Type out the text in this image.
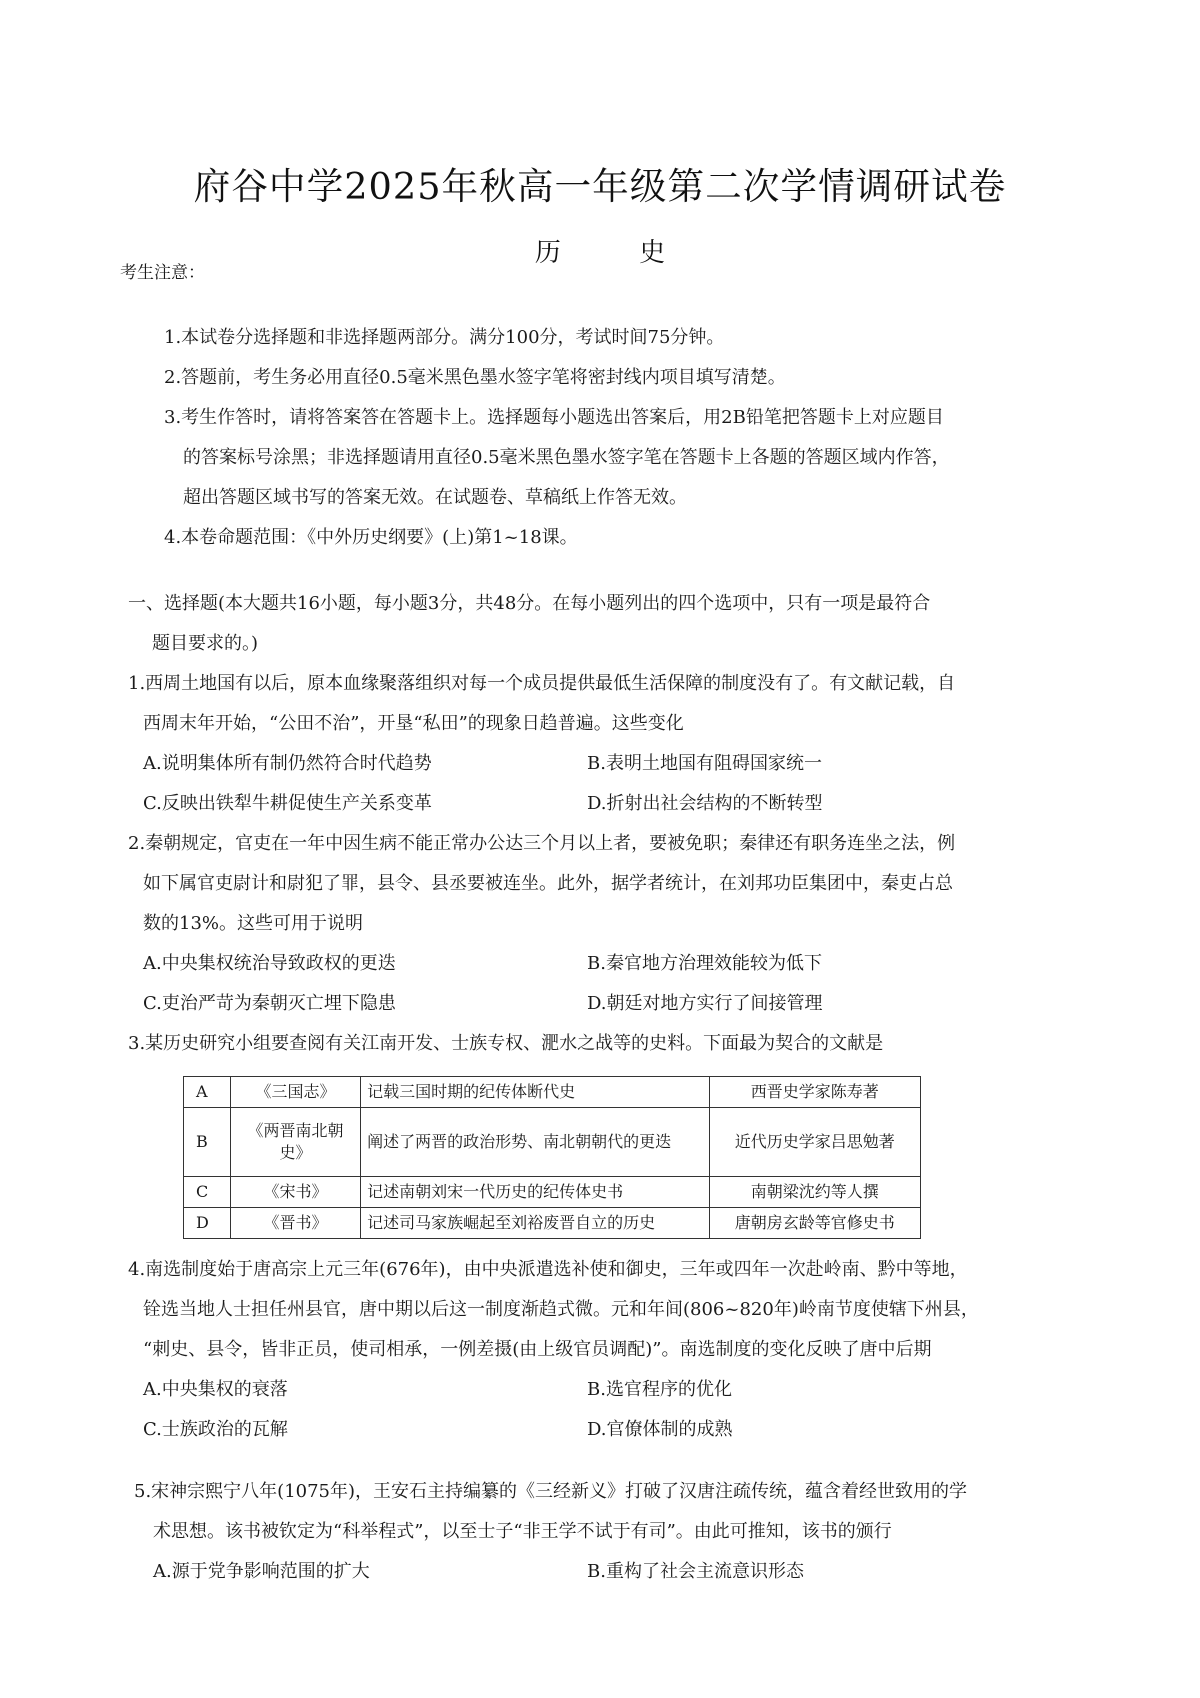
府谷中学2025年秋高一年级第二次学情调研试卷
历 史
考生注意：
1.本试卷分选择题和非选择题两部分。满分100分，考试时间75分钟。
2.答题前，考生务必用直径0.5毫米黑色墨水签字笔将密封线内项目填写清楚。
3.考生作答时，请将答案答在答题卡上。选择题每小题选出答案后，用2B铅笔把答题卡上对应题目
的答案标号涂黑；非选择题请用直径0.5毫米黑色墨水签字笔在答题卡上各题的答题区域内作答，
超出答题区域书写的答案无效。在试题卷、草稿纸上作答无效。
4.本卷命题范围：《中外历史纲要》(上)第1~18课。
一、选择题(本大题共16小题，每小题3分，共48分。在每小题列出的四个选项中，只有一项是最符合
题目要求的。)
1.西周土地国有以后，原本血缘聚落组织对每一个成员提供最低生活保障的制度没有了。有文献记载，自
西周末年开始，“公田不治”，开垦“私田”的现象日趋普遍。这些变化
A.说明集体所有制仍然符合时代趋势	B.表明土地国有阻碍国家统一
C.反映出铁犁牛耕促使生产关系变革	D.折射出社会结构的不断转型
2.秦朝规定，官吏在一年中因生病不能正常办公达三个月以上者，要被免职；秦律还有职务连坐之法，例
如下属官吏尉计和尉犯了罪，县令、县丞要被连坐。此外，据学者统计，在刘邦功臣集团中，秦吏占总
数的13%。这些可用于说明
A.中央集权统治导致政权的更迭	B.秦官地方治理效能较为低下
C.吏治严苛为秦朝灭亡埋下隐患	D.朝廷对地方实行了间接管理
3.某历史研究小组要查阅有关江南开发、士族专权、淝水之战等的史料。下面最为契合的文献是
A	《三国志》	记载三国时期的纪传体断代史	西晋史学家陈寿著
B	《两晋南北朝史》	阐述了两晋的政治形势、南北朝朝代的更迭	近代历史学家吕思勉著
C	《宋书》	记述南朝刘宋一代历史的纪传体史书	南朝梁沈约等人撰
D	《晋书》	记述司马家族崛起至刘裕废晋自立的历史	唐朝房玄龄等官修史书
4.南选制度始于唐高宗上元三年(676年)，由中央派遣选补使和御史，三年或四年一次赴岭南、黔中等地，
铨选当地人士担任州县官，唐中期以后这一制度渐趋式微。元和年间(806~820年)岭南节度使辖下州县，
“刺史、县令，皆非正员，使司相承，一例差摄(由上级官员调配)”。南选制度的变化反映了唐中后期
A.中央集权的衰落	B.选官程序的优化
C.士族政治的瓦解	D.官僚体制的成熟
5.宋神宗熙宁八年(1075年)，王安石主持编纂的《三经新义》打破了汉唐注疏传统，蕴含着经世致用的学
术思想。该书被钦定为“科举程式”，以至士子“非王学不试于有司”。由此可推知，该书的颁行
A.源于党争影响范围的扩大	B.重构了社会主流意识形态
